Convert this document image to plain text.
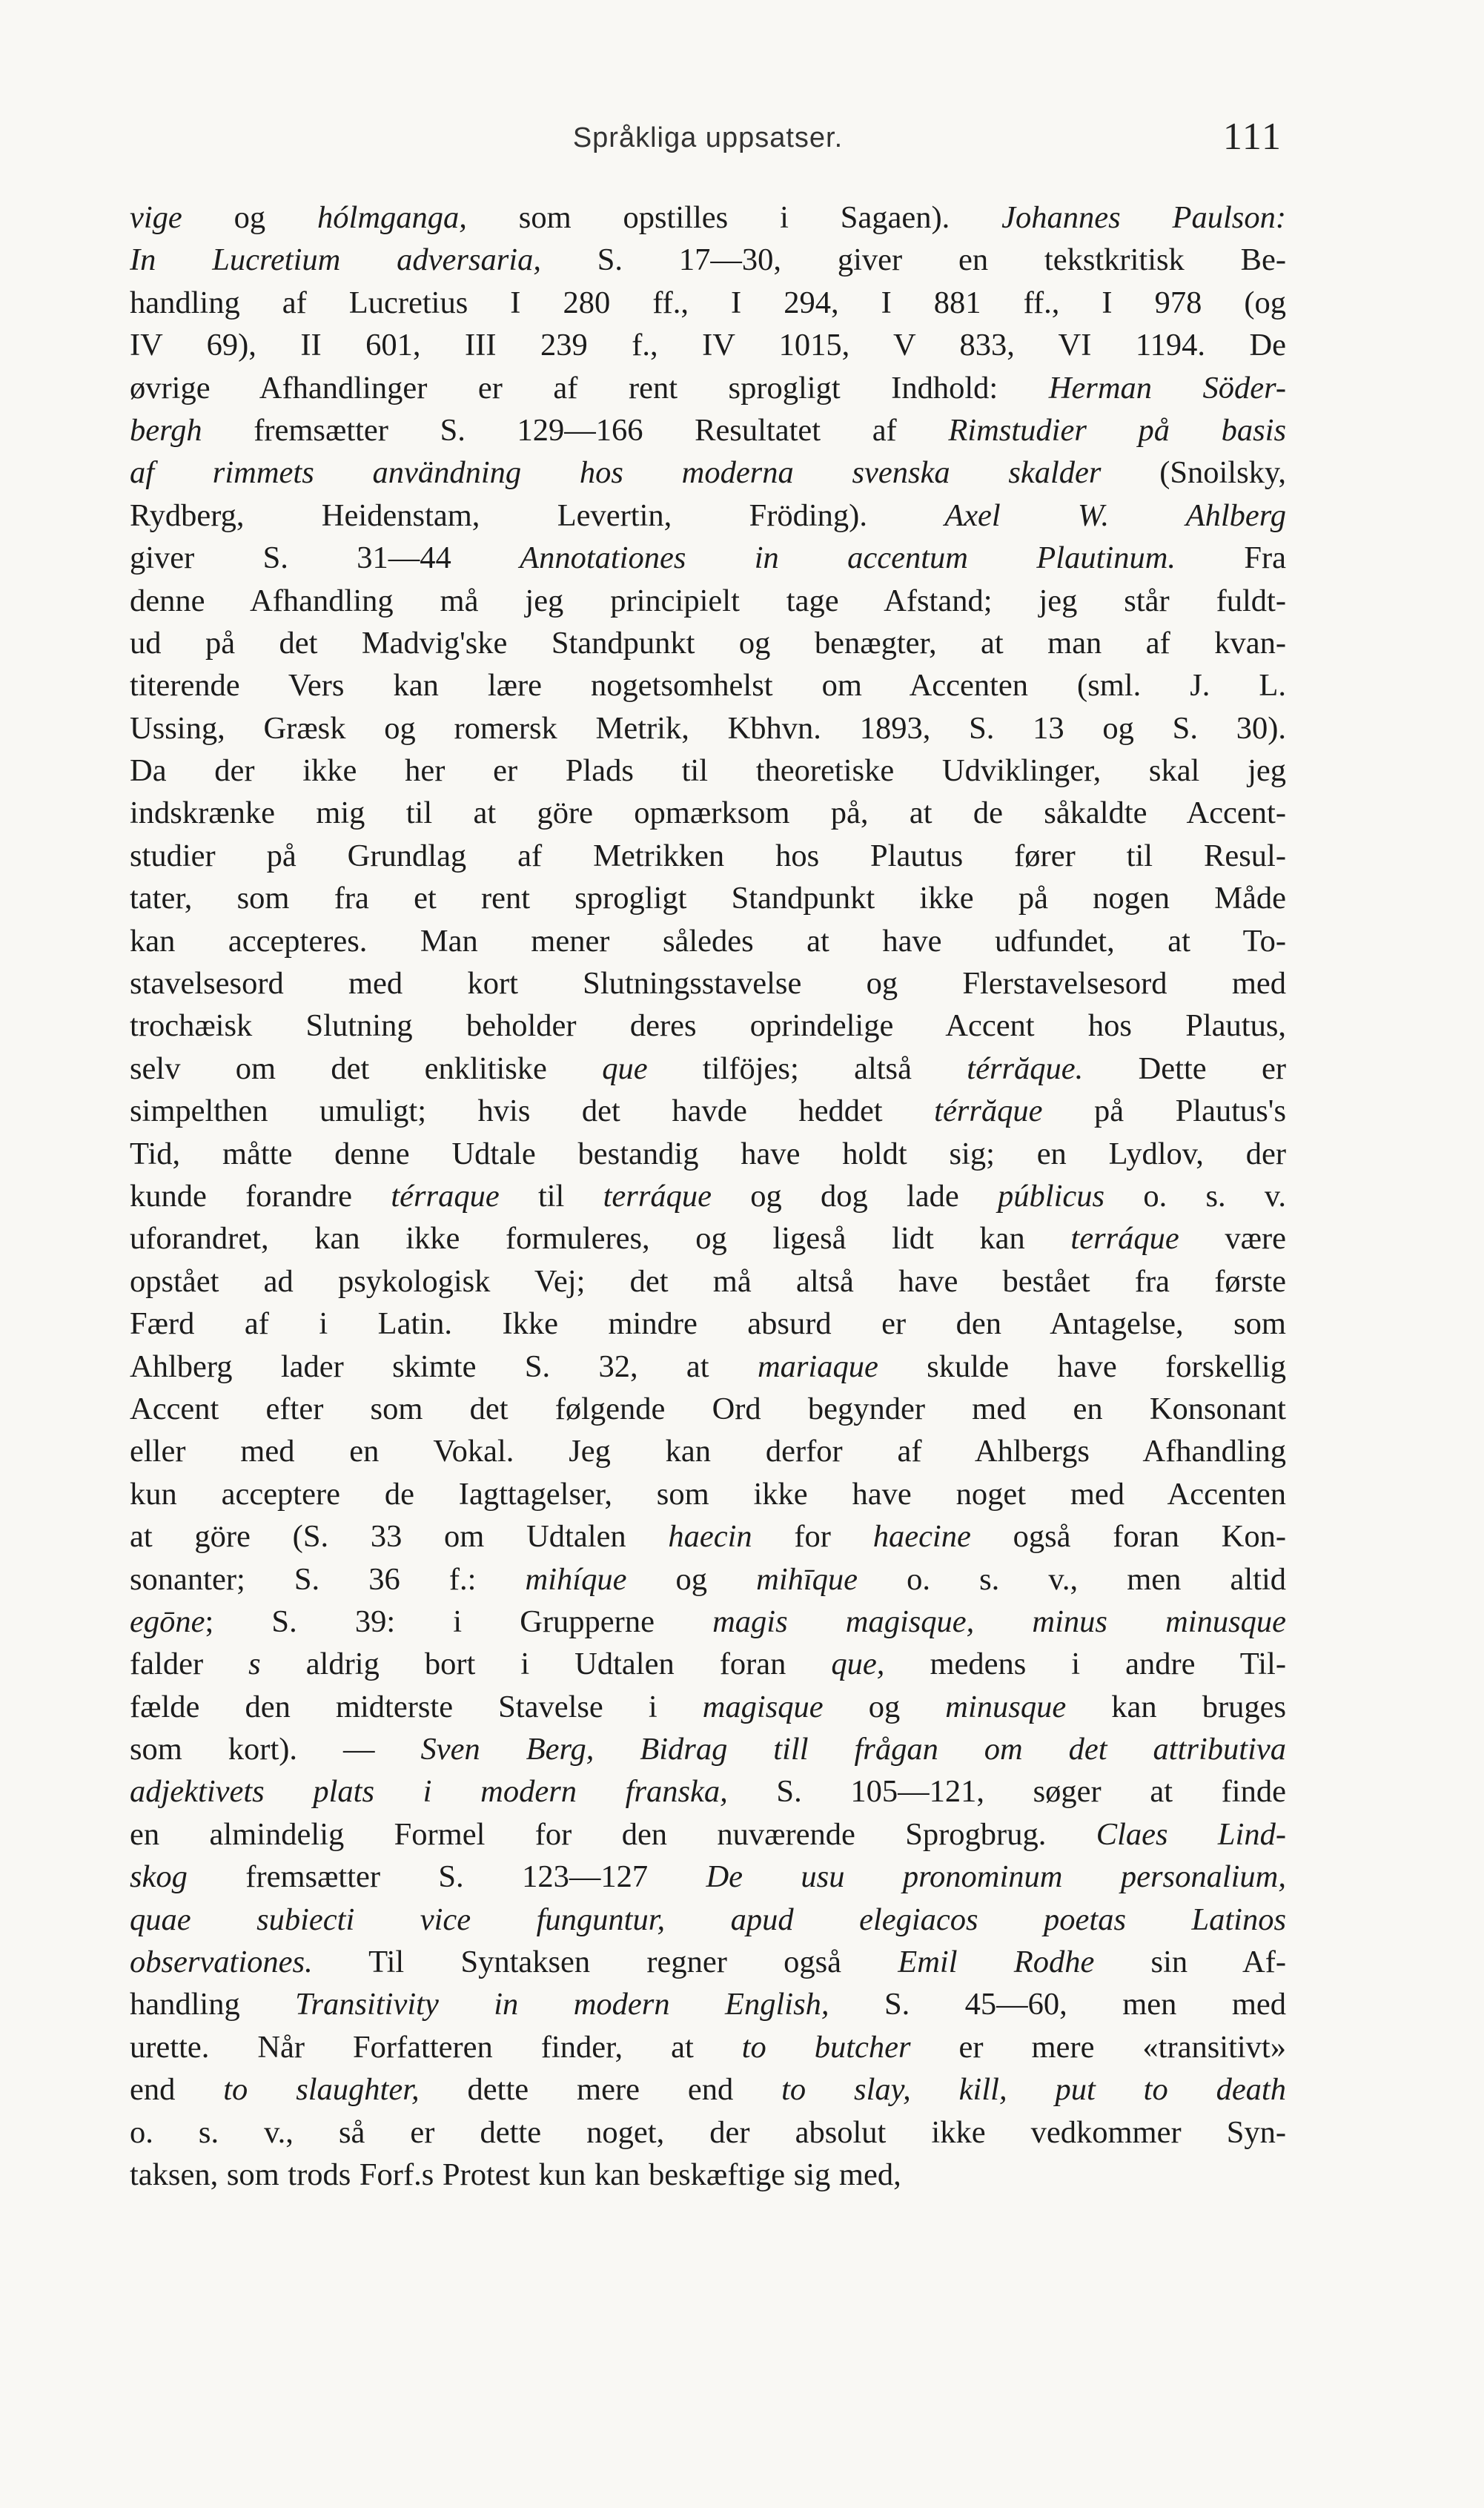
Språkliga uppsatser.	111
vige og hólmganga, som opstilles i Sagaen). Johannes Paulson:
In Lucretium adversaria, S. 17—30, giver en tekstkritisk Be-
handling af Lucretius I 280 ff., I 294, I 881 ff., I 978 (og
IV 69), II 601, III 239 f., IV 1015, V 833, VI 1194. De
øvrige Afhandlinger er af rent sprogligt Indhold: Herman Söder-
bergh fremsætter S. 129—166 Resultatet af Rimstudier på basis
af rimmets användning hos moderna svenska skalder (Snoilsky,
Rydberg, Heidenstam, Levertin, Fröding). Axel W. Ahlberg
giver S. 31—44 Annotationes in accentum Plautinum. Fra
denne Afhandling må jeg principielt tage Afstand; jeg står fuldt-
ud på det Madvig'ske Standpunkt og benægter, at man af kvan-
titerende Vers kan lære nogetsomhelst om Accenten (sml. J. L.
Ussing, Græsk og romersk Metrik, Kbhvn. 1893, S. 13 og S. 30).
Da der ikke her er Plads til theoretiske Udviklinger, skal jeg
indskrænke mig til at göre opmærksom på, at de såkaldte Accent-
studier på Grundlag af Metrikken hos Plautus fører til Resul-
tater, som fra et rent sprogligt Standpunkt ikke på nogen Måde
kan accepteres. Man mener således at have udfundet, at To-
stavelsesord med kort Slutningsstavelse og Flerstavelsesord med
trochæisk Slutning beholder deres oprindelige Accent hos Plautus,
selv om det enklitiske que tilföjes; altså térrăque. Dette er
simpelthen umuligt; hvis det havde heddet térrăque på Plautus's
Tid, måtte denne Udtale bestandig have holdt sig; en Lydlov, der
kunde forandre térraque til terráque og dog lade públicus o. s. v.
uforandret, kan ikke formuleres, og ligeså lidt kan terráque være
opstået ad psykologisk Vej; det må altså have bestået fra første
Færd af i Latin. Ikke mindre absurd er den Antagelse, som
Ahlberg lader skimte S. 32, at mariaque skulde have forskellig
Accent efter som det følgende Ord begynder med en Konsonant
eller med en Vokal. Jeg kan derfor af Ahlbergs Afhandling
kun acceptere de Iagttagelser, som ikke have noget med Accenten
at göre (S. 33 om Udtalen haecin for haecine også foran Kon-
sonanter; S. 36 f.: mihíque og mihīque o. s. v., men altid
egōne; S. 39: i Grupperne magis magisque, minus minusque
falder s aldrig bort i Udtalen foran que, medens i andre Til-
fælde den midterste Stavelse i magisque og minusque kan bruges
som kort). — Sven Berg, Bidrag till frågan om det attributiva
adjektivets plats i modern franska, S. 105—121, søger at finde
en almindelig Formel for den nuværende Sprogbrug. Claes Lind-
skog fremsætter S. 123—127 De usu pronominum personalium,
quae subiecti vice funguntur, apud elegiacos poetas Latinos
observationes. Til Syntaksen regner også Emil Rodhe sin Af-
handling Transitivity in modern English, S. 45—60, men med
urette. Når Forfatteren finder, at to butcher er mere «transitivt»
end to slaughter, dette mere end to slay, kill, put to death
o. s. v., så er dette noget, der absolut ikke vedkommer Syn-
taksen, som trods Forf.s Protest kun kan beskæftige sig med,
